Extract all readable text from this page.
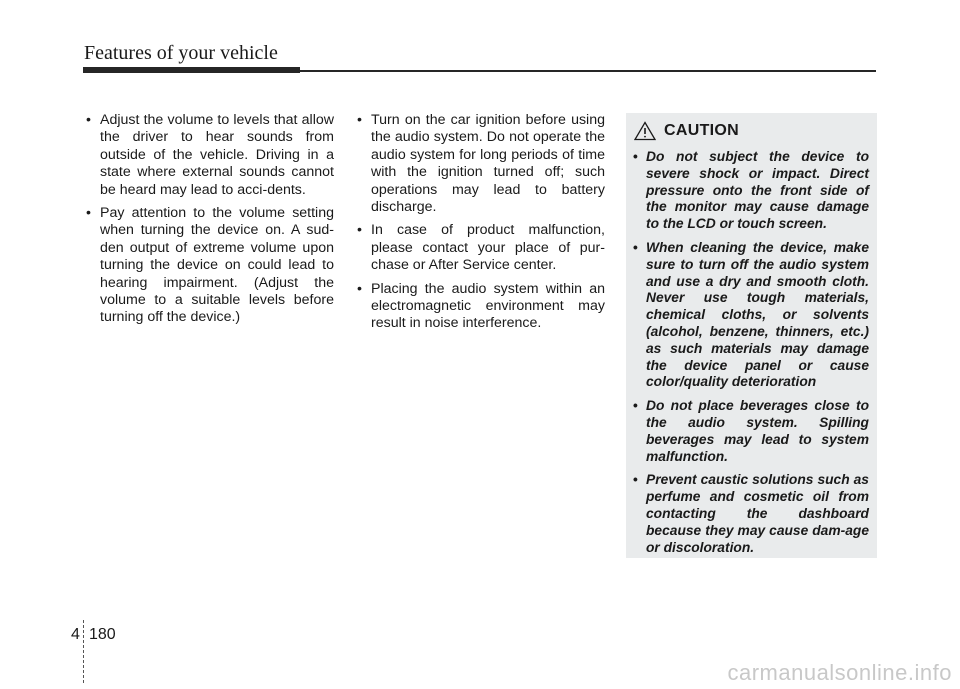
Features of your vehicle
• Adjust the volume to levels that allow the driver to hear sounds from outside of the vehicle. Driving in a state where external sounds cannot be heard may lead to acci-dents.
• Pay attention to the volume setting when turning the device on. A sud-den output of extreme volume upon turning the device on could lead to hearing impairment. (Adjust the volume to a suitable levels before turning off the device.)
• Turn on the car ignition before using the audio system. Do not operate the audio system for long periods of time with the ignition turned off; such operations may lead to battery discharge.
• In case of product malfunction, please contact your place of pur-chase or After Service center.
• Placing the audio system within an electromagnetic environment may result in noise interference.
CAUTION
• Do not subject the device to severe shock or impact. Direct pressure onto the front side of the monitor may cause damage to the LCD or touch screen.
• When cleaning the device, make sure to turn off the audio system and use a dry and smooth cloth. Never use tough materials, chemical cloths, or solvents (alcohol, benzene, thinners, etc.) as such materials may damage the device panel or cause color/quality deterioration
• Do not place beverages close to the audio system. Spilling beverages may lead to system malfunction.
• Prevent caustic solutions such as perfume and cosmetic oil from contacting the dashboard because they may cause dam-age or discoloration.
4 180
carmanualsonline.info
